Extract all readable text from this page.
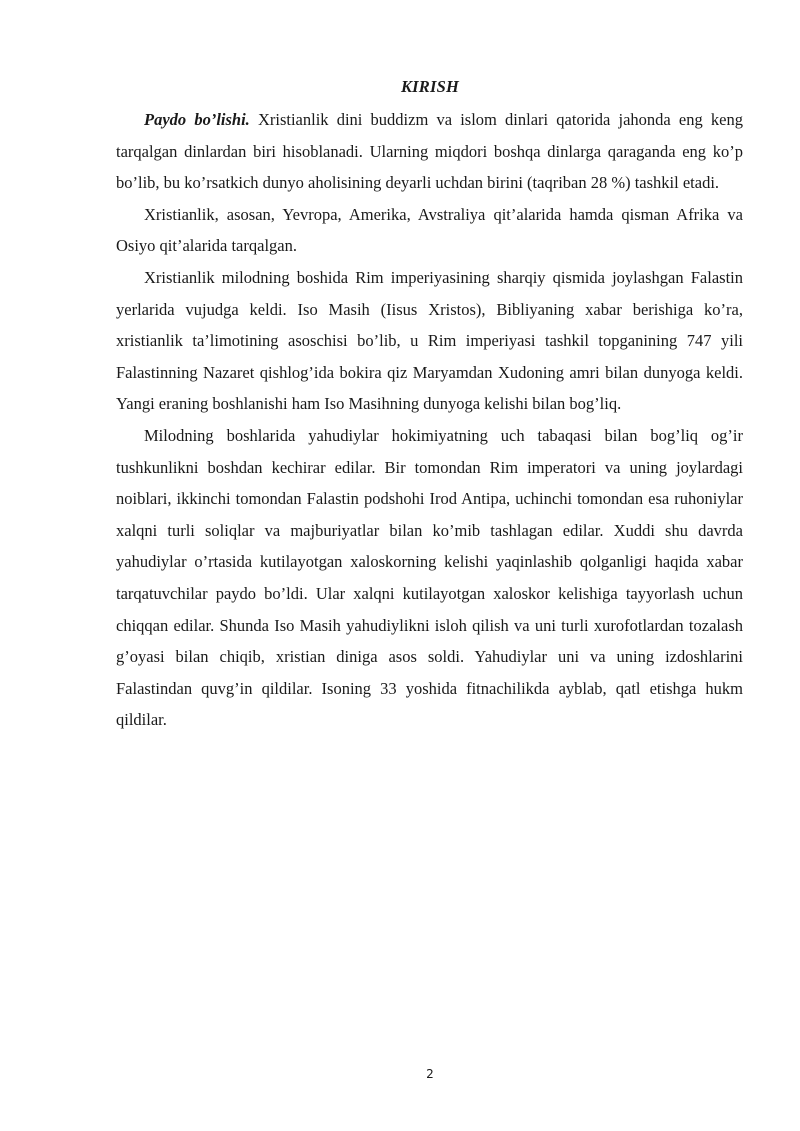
KIRISH

Paydo bo’lishi. Xristianlik dini buddizm va islom dinlari qatorida jahonda eng keng tarqalgan dinlardan biri hisoblanadi. Ularning miqdori boshqa dinlarga qaraganda eng ko’p bo’lib, bu ko’rsatkich dunyo aholisining deyarli uchdan birini (taqriban 28 %) tashkil etadi.

Xristianlik, asosan, Yevropa, Amerika, Avstraliya qit’alarida hamda qisman Afrika va Osiyo qit’alarida tarqalgan.

Xristianlik milodning boshida Rim imperiyasining sharqiy qismida joylashgan Falastin yerlarida vujudga keldi. Iso Masih (Iisus Xristos), Bibliyaning xabar berishiga ko’ra, xristianlik ta’limotining asoschisi bo’lib, u Rim imperiyasi tashkil topganining 747 yili Falastinning Nazaret qishlog’ida bokira qiz Maryamdan Xudoning amri bilan dunyoga keldi. Yangi eraning boshlanishi ham Iso Masihning dunyoga kelishi bilan bog’liq.

Milodning boshlarida yahudiylar hokimiyatning uch tabaqasi bilan bog’liq og’ir tushkunlikni boshdan kechirar edilar. Bir tomondan Rim imperatori va uning joylardagi noiblari, ikkinchi tomondan Falastin podshohi Irod Antipa, uchinchi tomondan esa ruhoniylar xalqni turli soliqlar va majburiyatlar bilan ko’mib tashlagan edilar. Xuddi shu davrda yahudiylar o’rtasida kutilayotgan xaloskorning kelishi yaqinlashib qolganligi haqida xabar tarqatuvchilar paydo bo’ldi. Ular xalqni kutilayotgan xaloskor kelishiga tayyorlash uchun chiqqan edilar. Shunda Iso Masih yahudiylikni isloh qilish va uni turli xurofotlardan tozalash g’oyasi bilan chiqib, xristian diniga asos soldi. Yahudiylar uni va uning izdoshlarini Falastindan quvg’in qildilar. Isoning 33 yoshida fitnachilikda ayblab, qatl etishga hukm qildilar.

2
